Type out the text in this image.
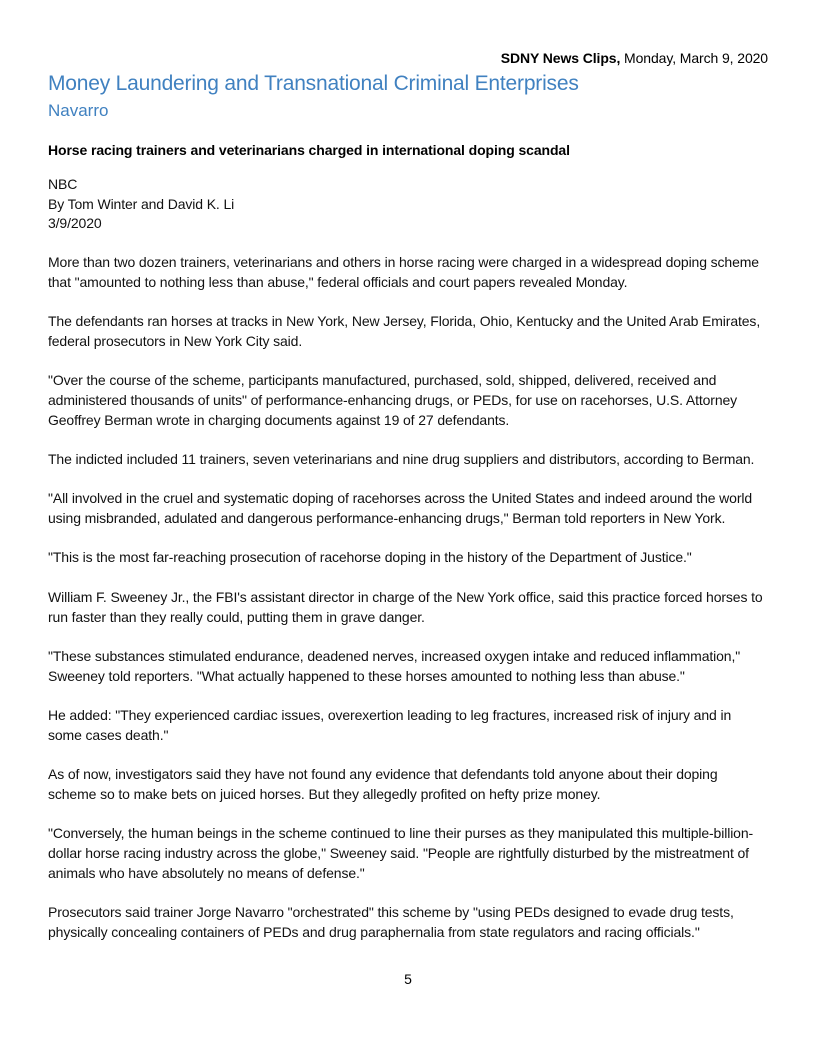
SDNY News Clips, Monday, March 9, 2020
Money Laundering and Transnational Criminal Enterprises
Navarro

Horse racing trainers and veterinarians charged in international doping scandal

NBC
By Tom Winter and David K. Li
3/9/2020

More than two dozen trainers, veterinarians and others in horse racing were charged in a widespread doping scheme that "amounted to nothing less than abuse," federal officials and court papers revealed Monday.

The defendants ran horses at tracks in New York, New Jersey, Florida, Ohio, Kentucky and the United Arab Emirates, federal prosecutors in New York City said.

"Over the course of the scheme, participants manufactured, purchased, sold, shipped, delivered, received and administered thousands of units" of performance-enhancing drugs, or PEDs, for use on racehorses, U.S. Attorney Geoffrey Berman wrote in charging documents against 19 of 27 defendants.

The indicted included 11 trainers, seven veterinarians and nine drug suppliers and distributors, according to Berman.

"All involved in the cruel and systematic doping of racehorses across the United States and indeed around the world using misbranded, adulated and dangerous performance-enhancing drugs," Berman told reporters in New York.

"This is the most far-reaching prosecution of racehorse doping in the history of the Department of Justice."

William F. Sweeney Jr., the FBI's assistant director in charge of the New York office, said this practice forced horses to run faster than they really could, putting them in grave danger.

"These substances stimulated endurance, deadened nerves, increased oxygen intake and reduced inflammation," Sweeney told reporters. "What actually happened to these horses amounted to nothing less than abuse."

He added: "They experienced cardiac issues, overexertion leading to leg fractures, increased risk of injury and in some cases death."

As of now, investigators said they have not found any evidence that defendants told anyone about their doping scheme so to make bets on juiced horses. But they allegedly profited on hefty prize money.

"Conversely, the human beings in the scheme continued to line their purses as they manipulated this multiple-billion-dollar horse racing industry across the globe," Sweeney said. "People are rightfully disturbed by the mistreatment of animals who have absolutely no means of defense."

Prosecutors said trainer Jorge Navarro "orchestrated" this scheme by "using PEDs designed to evade drug tests, physically concealing containers of PEDs and drug paraphernalia from state regulators and racing officials."

5
